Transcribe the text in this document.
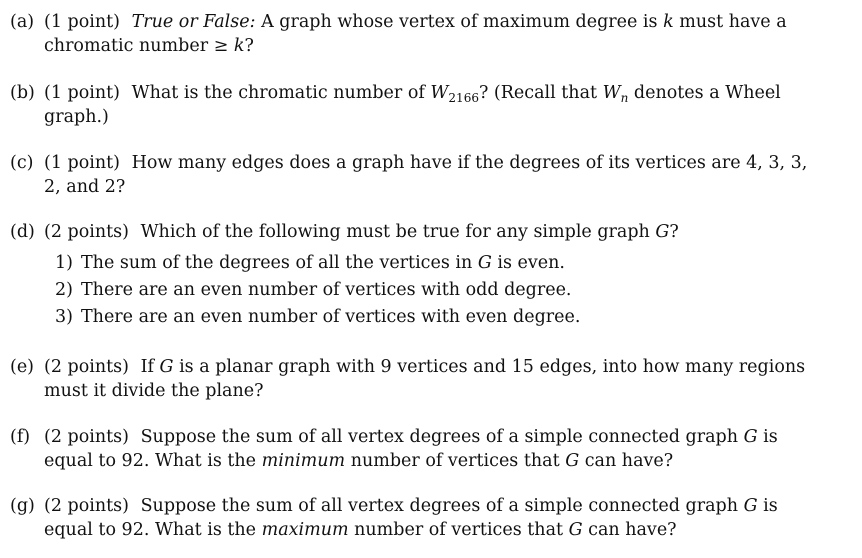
(a) (1 point) True or False: A graph whose vertex of maximum degree is k must have a chromatic number ≥ k?
(b) (1 point) What is the chromatic number of $W_{2166}$? (Recall that $W_n$ denotes a Wheel graph.)
(c) (1 point) How many edges does a graph have if the degrees of its vertices are 4, 3, 3, 2, and 2?
(d) (2 points) Which of the following must be true for any simple graph G?
1) The sum of the degrees of all the vertices in G is even.
2) There are an even number of vertices with odd degree.
3) There are an even number of vertices with even degree.
(e) (2 points) If G is a planar graph with 9 vertices and 15 edges, into how many regions must it divide the plane?
(f) (2 points) Suppose the sum of all vertex degrees of a simple connected graph G is equal to 92. What is the minimum number of vertices that G can have?
(g) (2 points) Suppose the sum of all vertex degrees of a simple connected graph G is equal to 92. What is the maximum number of vertices that G can have?
